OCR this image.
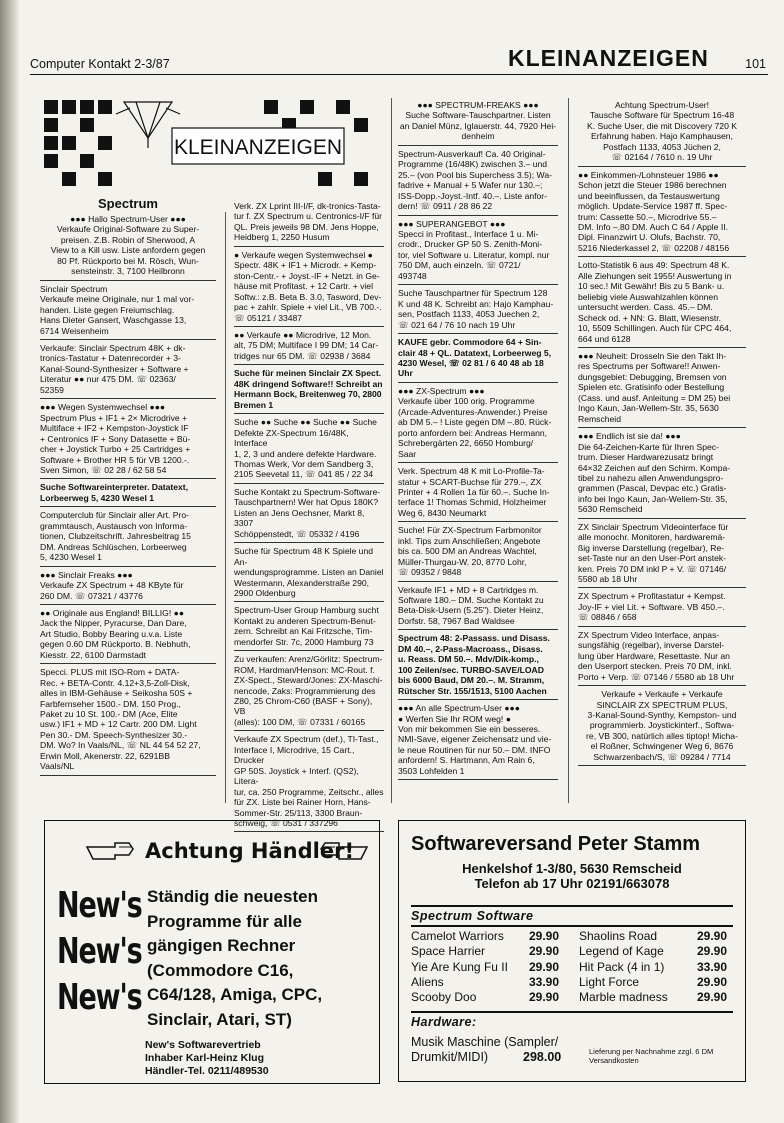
Computer Kontakt 2-3/87	KLEINANZEIGEN	101
KLEINANZEIGEN
Spectrum

●●● Hallo Spectrum-User ●●●

Verkaufe Original-Software zu Super-

preisen. Z.B. Robin of Sherwood, A

View to a Kill usw. Liste anfordern gegen

80 Pf. Rückporto bei M. Rösch, Wun-

sensteinstr. 3, 7100 Heilbronn

Sinclair Spectrum

Verkaufe meine Originale, nur 1 mal vor-

handen. Liste gegen Freiumschlag.

Hans Dieter Gansert, Waschgasse 13,

6714 Weisenheim

Verkaufe: Sinclair Spectrum 48K + dk-

tronics-Tastatur + Datenrecorder + 3-

Kanal-Sound-Synthesizer + Software +

Literatur ●● nur 475 DM. ☏ 02363/

52359

●●● Wegen Systemwechsel ●●●

Spectrum Plus + IF1 + 2× Microdrive +

Multiface + IF2 + Kempston-Joystick IF

+ Centronics IF + Sony Datasette + Bü-

cher + Joystick Turbo + 25 Cartridges +

Software + Brother HR 5 für VB 1200.-.

Sven Simon, ☏ 02 28 / 62 58 54

Suche Softwareinterpreter. Datatext,

Lorbeerweg 5, 4230 Wesel 1

Computerclub für Sinclair aller Art. Pro-

grammtausch, Austausch von Informa-

tionen, Clubzeitschrift. Jahresbeitrag 15

DM. Andreas Schlüschen, Lorbeerweg

5, 4230 Wesel 1

●●● Sinclair Freaks ●●●

Verkaufe ZX Spectrum + 48 KByte für

260 DM. ☏ 07321 / 43776

●● Originale aus England! BILLIG! ●●

Jack the Nipper, Pyracurse, Dan Dare,

Art Studio, Bobby Bearing u.v.a. Liste

gegen 0.60 DM Rückporto. B. Nebhuth,

Kiesstr. 22, 6100 Darmstadt

Specci. PLUS mit ISO-Rom + DATA-

Rec. + BETA-Contr. 4.12+3,5-Zoll-Disk,

alles in IBM-Gehäuse + Seikosha 50S +

Farbfernseher 1500.- DM. 150 Prog.,

Paket zu 10 St. 100.- DM (Ace, Elite

usw.) IF1 + MD + 12 Cartr. 200 DM. Light

Pen 30.- DM. Speech-Synthesizer 30.-

DM. Wo? In Vaals/NL, ☏ NL 44 54 52 27,

Erwin Moll, Akenerstr. 22, 6291BB

Vaals/NL

Verk. ZX Lprint III-I/F, dk-tronics-Tasta-

tur f. ZX Spectrum u. Centronics-I/F für

QL. Preis jeweils 98 DM. Jens Hoppe,

Heidberg 1, 2250 Husum

● Verkaufe wegen Systemwechsel ●

Spectr. 48K + IF1 + Microdr. + Kemp-

ston-Centr.- + Joyst.-IF + Netzt. in Ge-

häuse mit Profitast. + 12 Cartr. + viel

Softw.: z.B. Beta B. 3.0, Tasword, Dev-

pac + zahlr. Spiele + viel Lit., VB 700.-.

☏ 05121 / 33487

●● Verkaufe ●● Microdrive, 12 Mon.

alt, 75 DM; Multiface I 99 DM; 14 Car-

tridges nur 65 DM. ☏ 02938 / 3684

Suche für meinen Sinclair ZX Spect.

48K dringend Software!! Schreibt an

Hermann Bock, Breitenweg 70, 2800

Bremen 1

Suche ●● Suche ●● Suche ●● Suche

Defekte ZX-Spectrum 16/48K, Interface

1, 2, 3 und andere defekte Hardware.

Thomas Werk, Vor dem Sandberg 3,

2105 Seevetal 11, ☏ 041 85 / 22 34

Suche Kontakt zu Spectrum-Software-

Tauschpartnern! Wer hat Opus 180K?

Listen an Jens Oechsner, Markt 8, 3307

Schöppenstedt, ☏ 05332 / 4196

Suche für Spectrum 48 K Spiele und An-

wendungsprogramme. Listen an Daniel

Westermann, Alexanderstraße 290,

2900 Oldenburg

Spectrum-User Group Hamburg sucht

Kontakt zu anderen Spectrum-Benut-

zern. Schreibt an Kai Fritzsche, Tim-

mendorfer Str. 7c, 2000 Hamburg 73

Zu verkaufen: Arenz/Görlitz: Spectrum-

ROM, Hardman/Henson: MC-Rout. f.

ZX-Spect., Steward/Jones: ZX-Maschi-

nencode, Zaks: Programmierung des

Z80, 25 Chrom-C60 (BASF + Sony), VB

(alles): 100 DM, ☏ 07331 / 60165

Verkaufe ZX Spectrum (def.), TI-Tast.,

Interface I, Microdrive, 15 Cart., Drucker

GP 50S. Joystick + Interf. (QS2), Litera-

tur, ca. 250 Programme, Zeitschr., alles

für ZX. Liste bei Rainer Horn, Hans-

Sommer-Str. 25/113, 3300 Braun-

schweig, ☏ 0531 / 337296

●●● SPECTRUM-FREAKS ●●●

Suche Software-Tauschpartner. Listen

an Daniel Münz, Iglauerstr. 44, 7920 Hei-

denheim

Spectrum-Ausverkauf! Ca. 40 Original-

Programme (16/48K) zwischen 3.– und

25.– (von Pool bis Superchess 3.5); Wa-

fadrive + Manual + 5 Wafer nur 130.–;

ISS-Dopp.-Joyst.-Intf. 40.–. Liste anfor-

dern! ☏ 0911 / 28 86 22

●●● SUPERANGEBOT ●●●

Specci in Profitast., Interface 1 u. Mi-

crodr., Drucker GP 50 S. Zenith-Moni-

tor, viel Software u. Literatur, kompl. nur

750 DM, auch einzeln. ☏ 0721/

493748

Suche Tauschpartner für Spectrum 128

K und 48 K. Schreibt an: Hajo Kamphau-

sen, Postfach 1133, 4053 Juechen 2,

☏ 021 64 / 76 10 nach 19 Uhr

KAUFE gebr. Commodore 64 + Sin-

clair 48 + QL. Datatext, Lorbeerweg 5,

4230 Wesel, ☏ 02 81 / 6 40 48 ab 18 Uhr

●●● ZX-Spectrum ●●●

Verkaufe über 100 orig. Programme

(Arcade-Adventures-Anwender.) Preise

ab DM 5.– ! Liste gegen DM –.80. Rück-

porto anfordern bei: Andreas Hermann,

Schrebergärten 22, 6650 Homburg/

Saar

Verk. Spectrum 48 K mit Lo-Profile-Ta-

statur + SCART-Buchse für 279.–, ZX

Printer + 4 Rollen 1a für 60.–. Suche In-

terface 1! Thomas Schmid, Holzheimer

Weg 6, 8430 Neumarkt

Suche! Für ZX-Spectrum Farbmonitor

inkl. Tips zum Anschließen; Angebote

bis ca. 500 DM an Andreas Wachtel,

Müller-Thurgau-W. 20, 8770 Lohr,

☏ 09352 / 9848

Verkaufe IF1 + MD + 8 Cartridges m.

Software 180.– DM. Suche Kontakt zu

Beta-Disk-Usern (5.25"). Dieter Heinz,

Dorfstr. 58, 7967 Bad Waldsee

Spectrum 48: 2-Passass. und Disass.

DM 40.–, 2-Pass-Macroass., Disass.

u. Reass. DM 50.–. Mdv/Dik-komp.,

100 Zeilen/sec. TURBO-SAVE/LOAD

bis 6000 Baud, DM 20.–. M. Stramm,

Rütscher Str. 155/1513, 5100 Aachen

●●● An alle Spectrum-User ●●●

● Werfen Sie Ihr ROM weg! ●

Von mir bekommen Sie ein besseres.

NMI-Save, eigener Zeichensatz und vie-

le neue Routinen für nur 50.– DM. INFO

anfordern! S. Hartmann, Am Rain 6,

3503 Lohfelden 1

Achtung Spectrum-User!

Tausche Software für Spectrum 16-48

K. Suche User, die mit Discovery 720 K

Erfahrung haben. Hajo Kamphausen,

Postfach 1133, 4053 Jüchen 2,

☏ 02164 / 7610 n. 19 Uhr

●● Einkommen-/Lohnsteuer 1986 ●●

Schon jetzt die Steuer 1986 berechnen

und beeinflussen, da Testauswertung

möglich. Update-Service 1987 ff. Spec-

trum: Cassette 50.–, Microdrive 55.–

DM. Info –.80 DM. Auch C 64 / Apple II.

Dipl. Finanzwirt U. Olufs, Bachstr. 70,

5216 Niederkassel 2, ☏ 02208 / 48156

Lotto-Statistik 6 aus 49: Spectrum 48 K.

Alle Ziehungen seit 1955! Auswertung in

10 sec.! Mit Gewähr! Bis zu 5 Bank- u.

beliebig viele Auswahlzahlen können

untersucht werden. Cass. 45.– DM.

Scheck od. + NN: G. Blatt, Wiesenstr.

10, 5509 Schillingen. Auch für CPC 464,

664 und 6128

●●● Neuheit: Drosseln Sie den Takt Ih-

res Spectrums per Software!! Anwen-

dungsgebiet: Debugging, Bremsen von

Spielen etc. Gratisinfo oder Bestellung

(Cass. und ausf. Anleitung = DM 25) bei

Ingo Kaun, Jan-Wellem-Str. 35, 5630

Remscheid

●●● Endlich ist sie da! ●●●

Die 64-Zeichen-Karte für Ihren Spec-

trum. Dieser Hardwarezusatz bringt

64×32 Zeichen auf den Schirm. Kompa-

tibel zu nahezu allen Anwendungspro-

grammen (Pascal, Devpac etc.) Gratis-

info bei Ingo Kaun, Jan-Wellem-Str. 35,

5630 Remscheid

ZX Sinclair Spectrum Videointerface für

alle monochr. Monitoren, hardwaremä-

ßig inverse Darstellung (regelbar), Re-

set-Taste nur an den User-Port anstek-

ken. Preis 70 DM inkl P + V. ☏ 07146/

5580 ab 18 Uhr

ZX Spectrum + Profitastatur + Kempst.

Joy-IF + viel Lit. + Software. VB 450.–.

☏ 08846 / 658

ZX Spectrum Video Interface, anpas-

sungsfähig (regelbar), inverse Darstel-

lung über Hardware, Resettaste. Nur an

den Userport stecken. Preis 70 DM, inkl.

Porto + Verp. ☏ 07146 / 5580 ab 18 Uhr

Verkaufe + Verkaufe + Verkaufe

SINCLAIR ZX SPECTRUM PLUS,

3-Kanal-Sound-Synthy, Kempston- und

programmierb. Joystickinterf., Softwa-

re, VB 300, natürlich alles tiptop! Micha-

el Roßner, Schwingener Weg 6, 8676

Schwarzenbach/S, ☏ 09284 / 7714

Achtung Händler!
New's
New's
New's
Ständig die neuesten
Programme für alle
gängigen Rechner
(Commodore C16,
C64/128, Amiga, CPC,
Sinclair, Atari, ST)
New's Softwarevertrieb
Inhaber Karl-Heinz Klug
Händler-Tel. 0211/489530
Softwareversand Peter Stamm
Henkelshof 1-3/80, 5630 Remscheid
Telefon ab 17 Uhr 02191/663078
Spectrum Software
Camelot Warriors 29.90 Shaolins Road	29.90
Space Harrier	29.90 Legend of Kage	29.90
Yie Are Kung Fu II 29.90 Hit Pack (4 in 1)	33.90
Aliens	33.90 Light Force	29.90
Scooby Doo	29.90 Marble madness 29.90
Hardware:
Musik Maschine (Sampler/
Drumkit/MIDI)	298.00	Lieferung per Nachnahme zzgl. 6 DM
Versandkosten
